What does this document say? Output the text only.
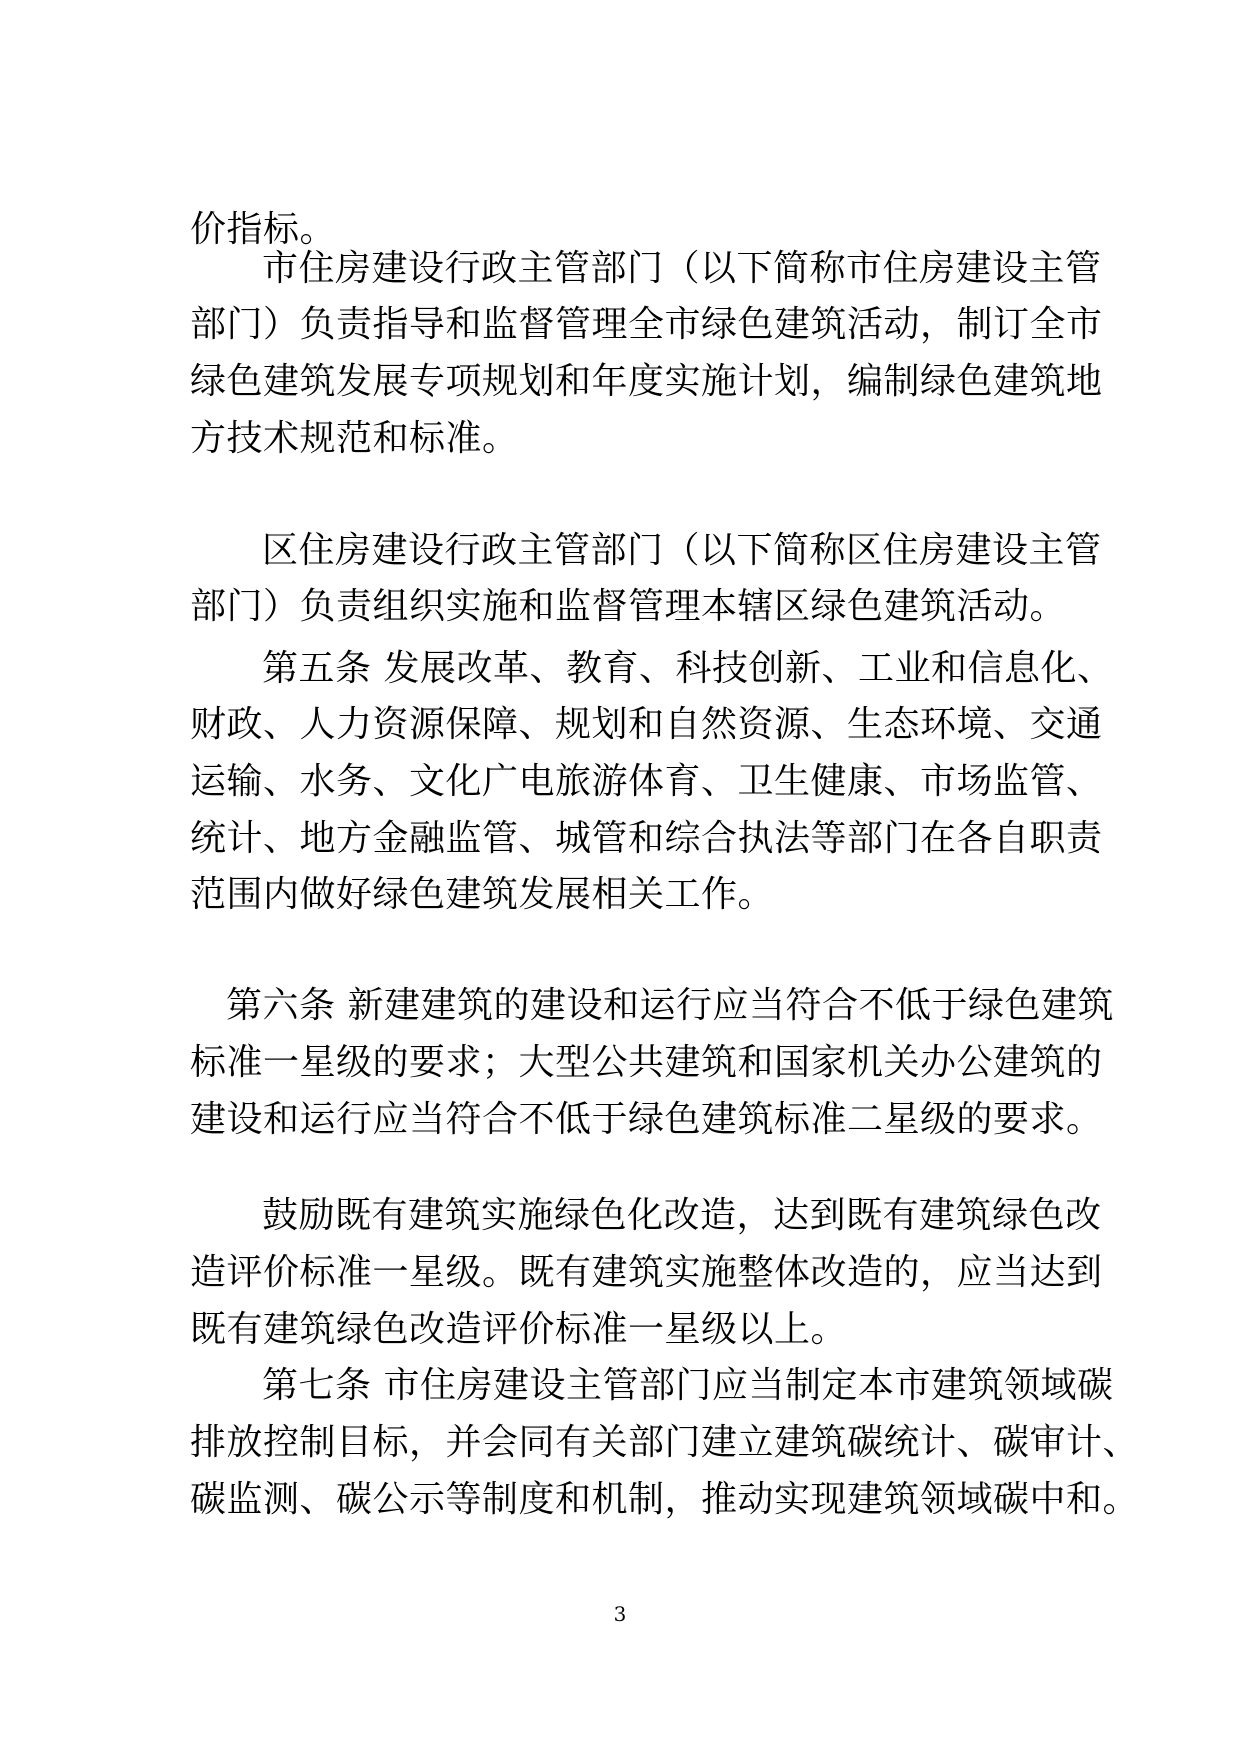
价指标。
市住房建设行政主管部门（以下简称市住房建设主管
部门）负责指导和监督管理全市绿色建筑活动，制订全市
绿色建筑发展专项规划和年度实施计划，编制绿色建筑地
方技术规范和标准。
区住房建设行政主管部门（以下简称区住房建设主管
部门）负责组织实施和监督管理本辖区绿色建筑活动。
第五条 发展改革、教育、科技创新、工业和信息化、
财政、人力资源保障、规划和自然资源、生态环境、交通
运输、水务、文化广电旅游体育、卫生健康、市场监管、
统计、地方金融监管、城管和综合执法等部门在各自职责
范围内做好绿色建筑发展相关工作。
第六条 新建建筑的建设和运行应当符合不低于绿色建筑
标准一星级的要求；大型公共建筑和国家机关办公建筑的
建设和运行应当符合不低于绿色建筑标准二星级的要求。
鼓励既有建筑实施绿色化改造，达到既有建筑绿色改
造评价标准一星级。既有建筑实施整体改造的，应当达到
既有建筑绿色改造评价标准一星级以上。
第七条 市住房建设主管部门应当制定本市建筑领域碳
排放控制目标，并会同有关部门建立建筑碳统计、碳审计、
碳监测、碳公示等制度和机制，推动实现建筑领域碳中和。
3
